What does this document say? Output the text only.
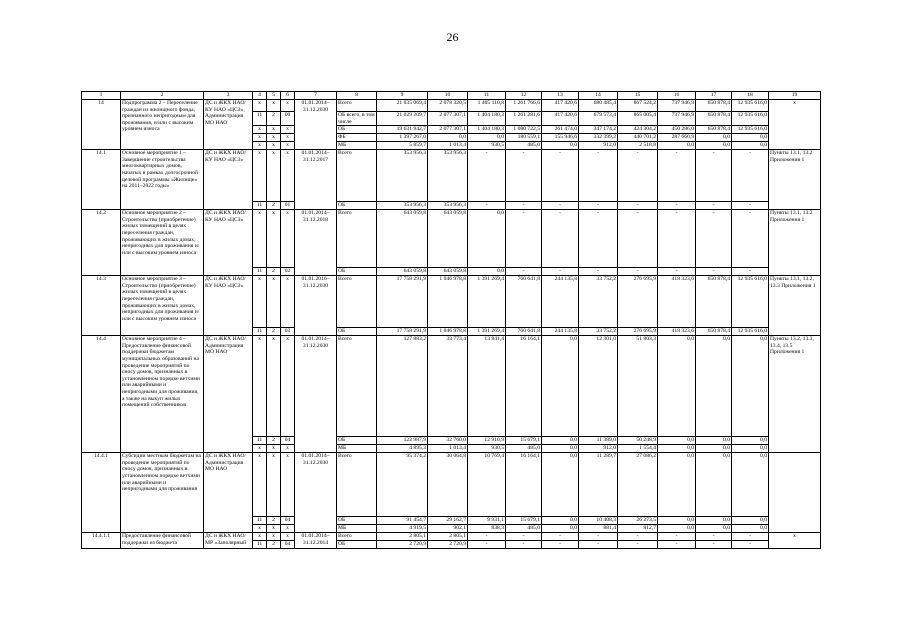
26
1	2	3	4	5	6	7	8	9	10	11	12	13	14	15	16	17	18	19
14	Подпрограмма 2 – Переселение граждан из жилищного фонда, признанного непригодным для проживания, и/или с высоким уровнем износа	ДС и ЖКХ НАО/ КУ НАО «ЦСЗ», Администрация МО НАО	х	х	х	01.01.2014– 31.12.2030	Всего	21 035 069,4	2 078 320,5	1 405 110,8	1 261 766,6	417 420,6	680 485,4	867 524,2	737 946,9	650 878,4	12 935 616,0	х
			11	2	00		ОБ всего, в том числе	21 029 209,7	2 077 307,1	1 404 180,3	1 261 281,6	417 420,6	679 573,4	865 005,4	737 946,9	650 878,4	12 935 616,0	
			х	х	х		ОБ	19 631 942,7	2 077 307,1	1 404 180,3	1 080 722,5	261 474,0	347 174,2	424 304,2	450 286,0	650 878,4	12 935 616,0	
			х	х	х		ФБ	1 397 267,0	0,0	0,0	180 559,1	155 946,6	332 399,2	440 701,2	287 660,9	0,0	0,0	
			х	х	х		МБ	5 859,7	1 013,4	930,5	485,0	0,0	912,0	2 518,8	0,0	0,0	0,0	
14.1	Основное мероприятие 1 – Завершение строительства многоквартирных домов, начатых в рамках долгосрочной целевой программы «Жилище» на 2011–2022 годы»	ДС и ЖКХ НАО/ КУ НАО «ЦСЗ»	х	х	х	01.01.2014– 31.12.2017	Всего	353 956,3	353 956,3	-	-	-	-	-	-	-	-	Пункты 13.1, 13.2 Приложения 1
			11	2	01		ОБ	353 956,3	353 956,3	-	-	-	-	-	-	-	-	
14.2	Основное мероприятие 2 – Строительство (приобретение) жилых помещений в целях переселения граждан, проживающих в жилых домах, непригодных для проживания и/или с высоким уровнем износа	ДС и ЖКХ НАО/ КУ НАО «ЦСЗ»	х	х	х	01.01.2014– 31.12.2018	Всего	643 059,8	643 059,8	0,0	-	-	-	-	-	-	-	Пункты 13.1, 13.2 Приложения 1
			11	2	02		ОБ	643 059,8	643 059,8	0,0	-	-	-	-	-	-	-	
14.3	Основное мероприятие 3 – Строительство (приобретение) жилых помещений в целях переселения граждан, проживающих в жилых домах, непригодных для проживания и/или с высоким уровнем износа	ДС и ЖКХ НАО/ КУ НАО «ЦСЗ»	х	х	х	01.01.2016– 31.12.2030	Всего	17 758 291,9	1 046 978,8	1 391 269,4	760 641,8	244 135,8	33 752,2	276 695,9	418 323,6	650 878,4	12 935 616,0	Пункты 13.1, 13.2, 13.3 Приложения 1
			11	2	03		ОБ	17 758 291,9	1 046 978,8	1 391 269,4	760 641,8	244 135,8	33 752,2	276 695,9	418 323,6	650 878,4	12 935 616,0	
14.4	Основное мероприятие 4 – Предоставление финансовой поддержки бюджетам муниципальных образований на проведение мероприятий по сносу домов, признанных в установленном порядке ветхими или аварийными и непригодными для проживания, а также на выкуп жилых помещений собственников	ДС и ЖКХ НАО/ Администрация МО НАО	х	х	х	01.01.2014– 31.12.2030	Всего	127 883,2	33 773,4	13 841,4	16 164,1	0,0	12 301,0	51 803,3	0,0	0,0	0,0	Пункты 13.2, 13.3, 13.4, 13.5 Приложения 1
			11	2	04		ОБ	122 987,9	32 760,0	12 910,9	15 679,1	0,0	11 389,0	50 248,9	0,0	0,0	0,0	
			х	х	х		МБ	4 895,3	1 013,4	930,5	485,0	0,0	912,0	1 554,4	0,0	0,0	0,0	
14.4.1	Субсидии местным бюджетам на проведение мероприятий по сносу домов, признанных в установленном порядке ветхими или аварийными и непригодными для проживания	ДС и ЖКХ НАО/ Администрация МО НАО	х	х	х	01.01.2014– 31.12.2030	Всего	95 374,2	30 064,8	10 769,4	16 164,1	0,0	11 289,7	27 086,2	0,0	0,0	0,0	
			11	2	04		ОБ	91 454,7	29 162,7	9 931,1	15 679,1	0,0	10 408,3	26 273,5	0,0	0,0	0,0	
			х	х	х		МБ	4 919,5	902,1	838,3	485,0	0,0	881,4	812,7	0,0	0,0	0,0	
14.4.1.1	Предоставление финансовой поддержки из бюджета	ДС и ЖКХ НАО/ МР «Заполярный	х	х	х	01.01.2014– 31.12.2014	Всего	2 805,1	2 805,1	-	-	-	-	-	-	-	-	х
			11	2	04		ОБ	2 720,9	2 720,9	-	-	-	-	-	-	-	-	
